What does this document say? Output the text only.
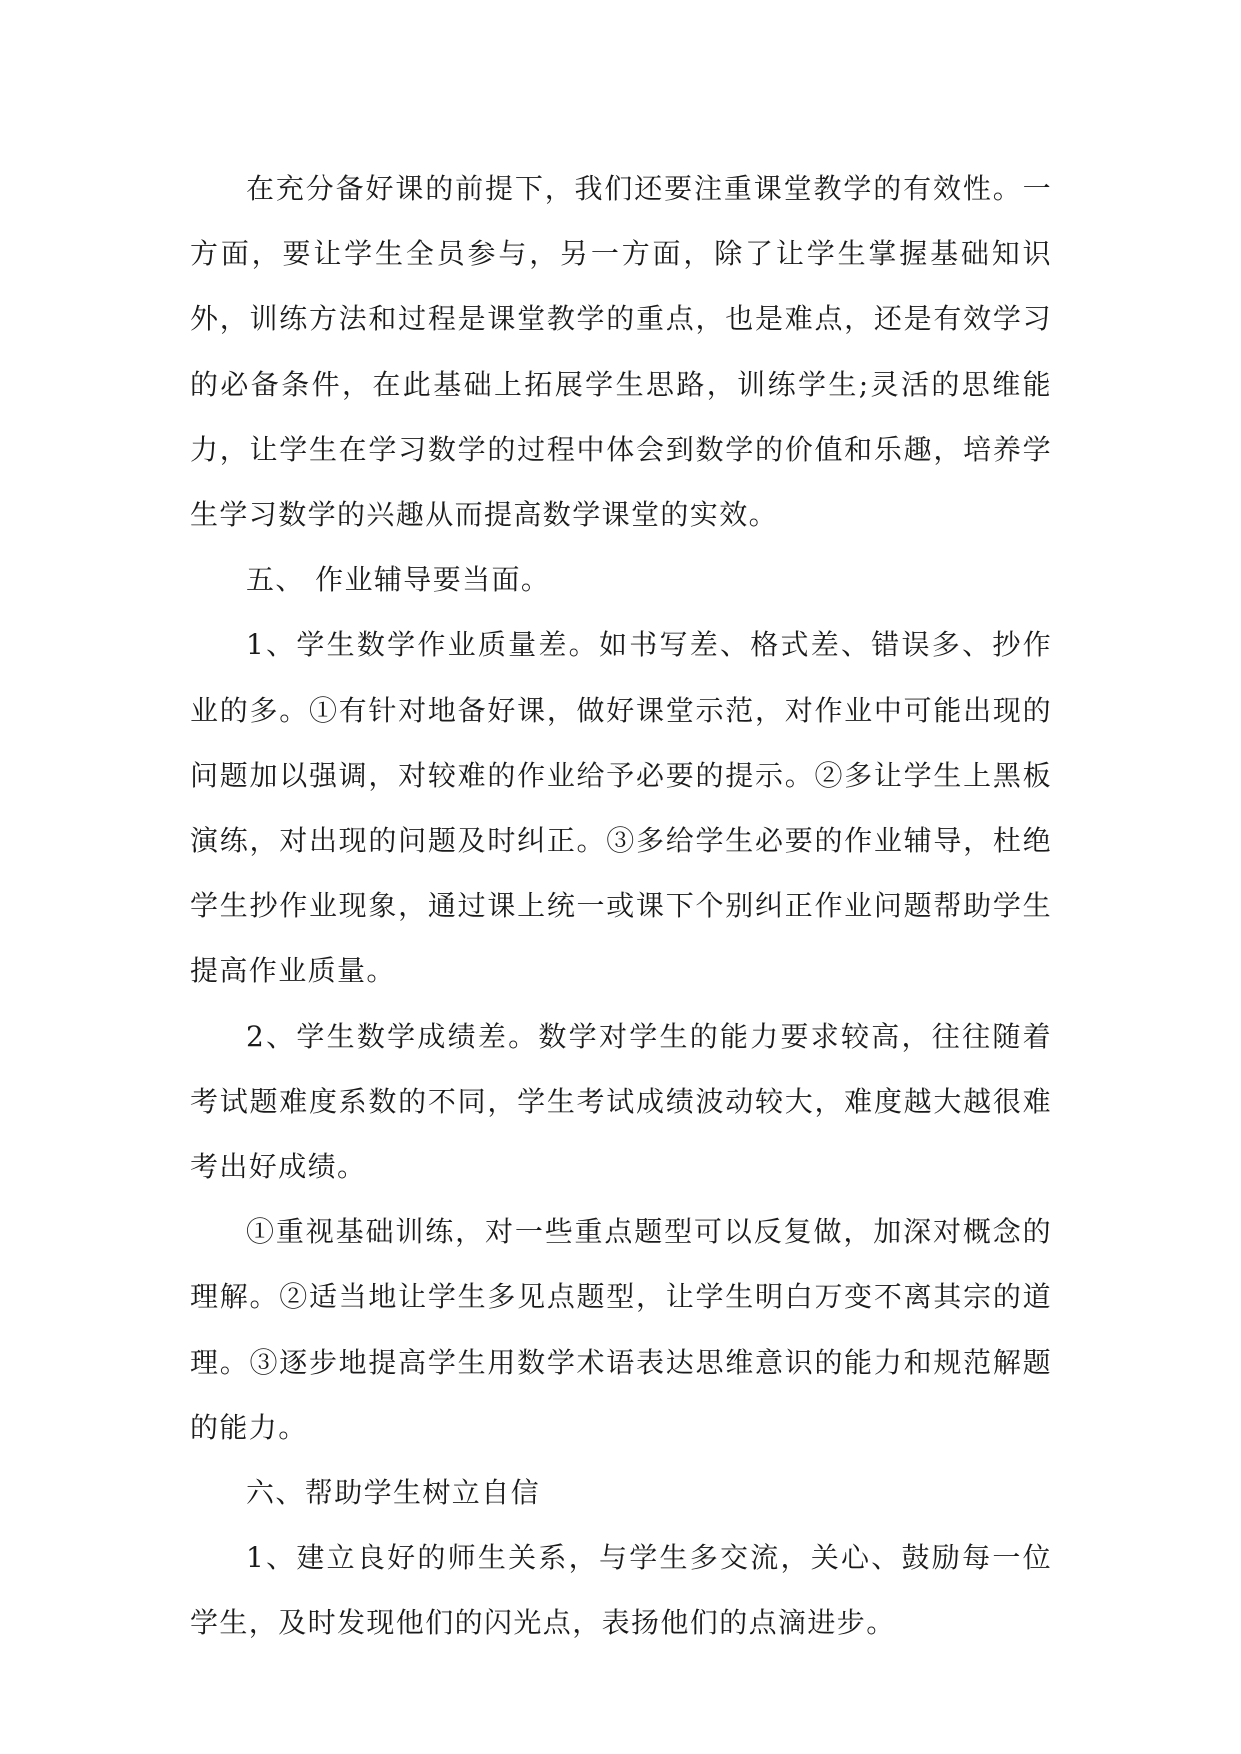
在充分备好课的前提下，我们还要注重课堂教学的有效性。一方面，要让学生全员参与，另一方面，除了让学生掌握基础知识外，训练方法和过程是课堂教学的重点，也是难点，还是有效学习的必备条件，在此基础上拓展学生思路，训练学生;灵活的思维能力，让学生在学习数学的过程中体会到数学的价值和乐趣，培养学生学习数学的兴趣从而提高数学课堂的实效。

五、 作业辅导要当面。

1、学生数学作业质量差。如书写差、格式差、错误多、抄作业的多。①有针对地备好课，做好课堂示范，对作业中可能出现的问题加以强调，对较难的作业给予必要的提示。②多让学生上黑板演练，对出现的问题及时纠正。③多给学生必要的作业辅导，杜绝学生抄作业现象，通过课上统一或课下个别纠正作业问题帮助学生提高作业质量。

2、学生数学成绩差。数学对学生的能力要求较高，往往随着考试题难度系数的不同，学生考试成绩波动较大，难度越大越很难考出好成绩。

①重视基础训练，对一些重点题型可以反复做，加深对概念的理解。②适当地让学生多见点题型，让学生明白万变不离其宗的道理。③逐步地提高学生用数学术语表达思维意识的能力和规范解题的能力。

六、帮助学生树立自信

1、建立良好的师生关系，与学生多交流，关心、鼓励每一位学生，及时发现他们的闪光点，表扬他们的点滴进步。
